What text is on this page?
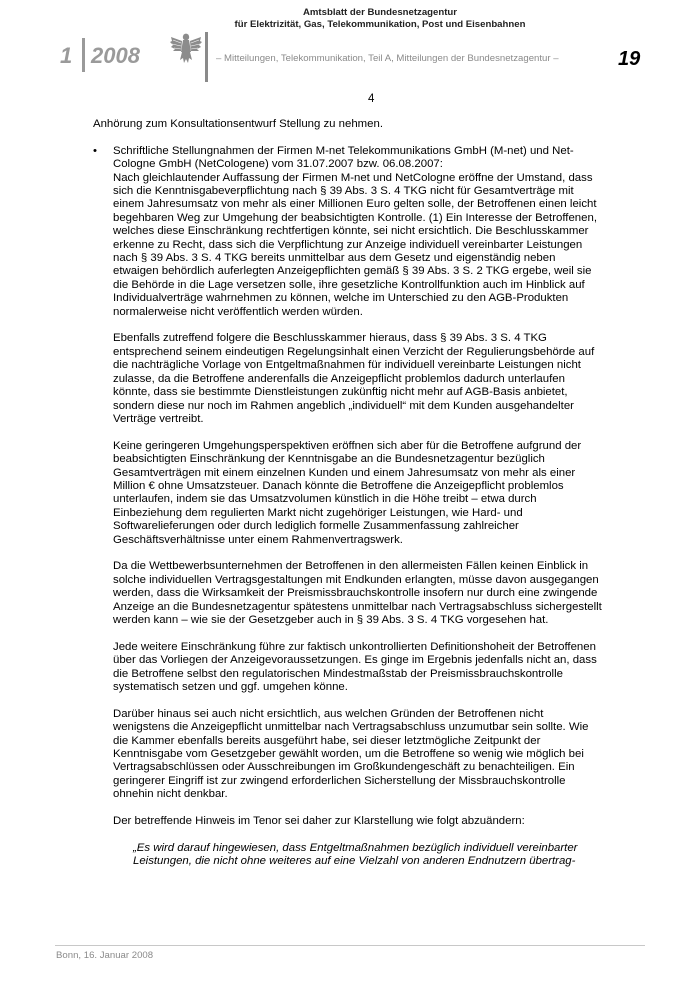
1 2008
Amtsblatt der Bundesnetzagentur
für Elektrizität, Gas, Telekommunikation, Post und Eisenbahnen
– Mitteilungen, Telekommunikation, Teil A, Mitteilungen der Bundesnetzagentur –	19
4

Anhörung zum Konsultationsentwurf Stellung zu nehmen.

• Schriftliche Stellungnahmen der Firmen M-net Telekommunikations GmbH (M-net) und Net-Cologne GmbH (NetCologene) vom 31.07.2007 bzw. 06.08.2007:

Nach gleichlautender Auffassung der Firmen M-net und NetCologne eröffne der Umstand, dass sich die Kenntnisgabeverpflichtung nach § 39 Abs. 3 S. 4 TKG nicht für Gesamtverträge mit einem Jahresumsatz von mehr als einer Millionen Euro gelten solle, der Betroffenen einen leicht begehbaren Weg zur Umgehung der beabsichtigten Kontrolle. (1) Ein Interesse der Betroffenen, welches diese Einschränkung rechtfertigen könnte, sei nicht ersichtlich. Die Beschlusskammer erkenne zu Recht, dass sich die Verpflichtung zur Anzeige individuell vereinbarter Leistungen nach § 39 Abs. 3 S. 4 TKG bereits unmittelbar aus dem Gesetz und eigenständig neben etwaigen behördlich auferlegten Anzeigepflichten gemäß § 39 Abs. 3 S. 2 TKG ergebe, weil sie die Behörde in die Lage versetzen solle, ihre gesetzliche Kontrollfunktion auch im Hinblick auf Individualverträge wahrnehmen zu können, welche im Unterschied zu den AGB-Produkten normalerweise nicht veröffentlich werden würden.

Ebenfalls zutreffend folgere die Beschlusskammer hieraus, dass § 39 Abs. 3 S. 4 TKG entsprechend seinem eindeutigen Regelungsinhalt einen Verzicht der Regulierungsbehörde auf die nachträgliche Vorlage von Entgeltmaßnahmen für individuell vereinbarte Leistungen nicht zulasse, da die Betroffene anderenfalls die Anzeigepflicht problemlos dadurch unterlaufen könnte, dass sie bestimmte Dienstleistungen zukünftig nicht mehr auf AGB-Basis anbietet, sondern diese nur noch im Rahmen angeblich „individuell“ mit dem Kunden ausgehandelter Verträge vertreibt.

Keine geringeren Umgehungsperspektiven eröffnen sich aber für die Betroffene aufgrund der beabsichtigten Einschränkung der Kenntnisgabe an die Bundesnetzagentur bezüglich Gesamtverträgen mit einem einzelnen Kunden und einem Jahresumsatz von mehr als einer Million € ohne Umsatzsteuer. Danach könnte die Betroffene die Anzeigepflicht problemlos unterlaufen, indem sie das Umsatzvolumen künstlich in die Höhe treibt – etwa durch Einbeziehung dem regulierten Markt nicht zugehöriger Leistungen, wie Hard- und Softwarelieferungen oder durch lediglich formelle Zusammenfassung zahlreicher Geschäftsverhältnisse unter einem Rahmenvertragswerk.

Da die Wettbewerbsunternehmen der Betroffenen in den allermeisten Fällen keinen Einblick in solche individuellen Vertragsgestaltungen mit Endkunden erlangten, müsse davon ausgegangen werden, dass die Wirksamkeit der Preismissbrauchskontrolle insofern nur durch eine zwingende Anzeige an die Bundesnetzagentur spätestens unmittelbar nach Vertragsabschluss sichergestellt werden kann – wie sie der Gesetzgeber auch in § 39 Abs. 3 S. 4 TKG vorgesehen hat.

Jede weitere Einschränkung führe zur faktisch unkontrollierten Definitionshoheit der Betroffenen über das Vorliegen der Anzeigevoraussetzungen. Es ginge im Ergebnis jedenfalls nicht an, dass die Betroffene selbst den regulatorischen Mindestmaßstab der Preismissbrauchskontrolle systematisch setzen und ggf. umgehen könne.

Darüber hinaus sei auch nicht ersichtlich, aus welchen Gründen der Betroffenen nicht wenigstens die Anzeigepflicht unmittelbar nach Vertragsabschluss unzumutbar sein sollte. Wie die Kammer ebenfalls bereits ausgeführt habe, sei dieser letztmögliche Zeitpunkt der Kenntnisgabe vom Gesetzgeber gewählt worden, um die Betroffene so wenig wie möglich bei Vertragsabschlüssen oder Ausschreibungen im Großkundengeschäft zu benachteiligen. Ein geringerer Eingriff ist zur zwingend erforderlichen Sicherstellung der Missbrauchskontrolle ohnehin nicht denkbar.

Der betreffende Hinweis im Tenor sei daher zur Klarstellung wie folgt abzuändern:

„Es wird darauf hingewiesen, dass Entgeltmaßnahmen bezüglich individuell vereinbarter Leistungen, die nicht ohne weiteres auf eine Vielzahl von anderen Endnutzern übertrag-

Bonn, 16. Januar 2008
